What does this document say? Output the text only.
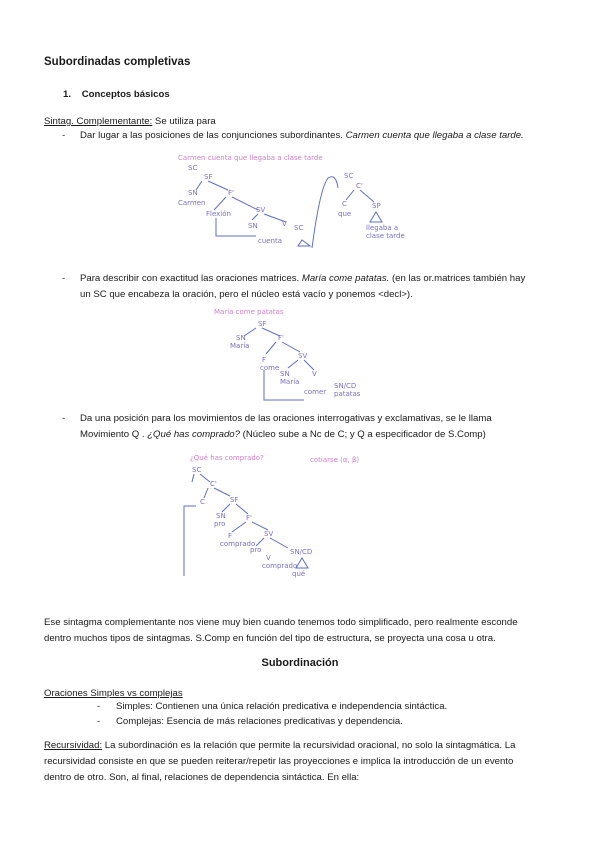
Subordinadas completivas
1. Conceptos básicos
Sintag. Complementante: Se utiliza para
- Dar lugar a las posiciones de las conjunciones subordinantes. Carmen cuenta que llegaba a clase tarde.
Carmen cuenta que llegaba a clase tarde
SC
SF
SN	F'
Carmen
Flexión	SV
SN	V
cuenta
SC
SC
C'
C	SP
que
llegaba a
clase tarde
- Para describir con exactitud las oraciones matrices. María come patatas. (en las or.matrices también hay
un SC que encabeza la oración, pero el núcleo está vacío y ponemos <decl>).
María come patatas
SF
SN	F'
María
F	SV
come
SN	V
María	SN/CD
comer patatas
- Da una posición para los movimientos de las oraciones interrogativas y exclamativas, se le llama
Movimiento Q . ¿Qué has comprado? (Núcleo sube a Nc de C; y Q a especificador de S.Comp)
¿Qué has comprado?	cotiarse (α, β)
SC
C'
C	SF
SN	F'
pro
F	SV
comprado
pro
V
SN/CD
comprado
qué
Ese sintagma complementante nos viene muy bien cuando tenemos todo simplificado, pero realmente esconde
dentro muchos tipos de sintagmas. S.Comp en función del tipo de estructura, se proyecta una cosa u otra.
Subordinación
Oraciones Simples vs complejas
- Simples: Contienen una única relación predicativa e independencia sintáctica.
- Complejas: Esencia de más relaciones predicativas y dependencia.
Recursividad: La subordinación es la relación que permite la recursividad oracional, no solo la sintagmática. La
recursividad consiste en que se pueden reiterar/repetir las proyecciones e implica la introducción de un evento
dentro de otro. Son, al final, relaciones de dependencia sintáctica. En ella:
